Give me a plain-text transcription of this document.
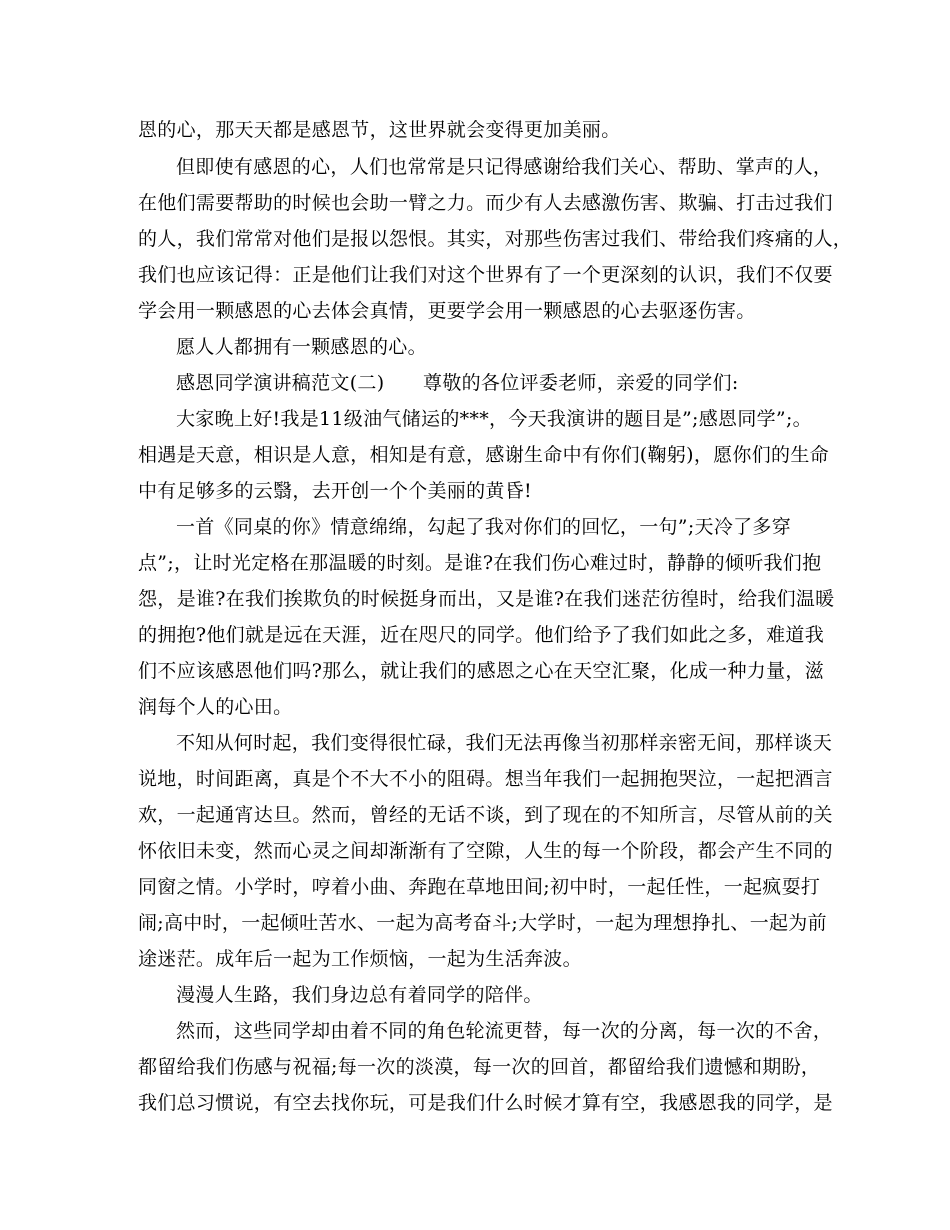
恩的心，那天天都是感恩节，这世界就会变得更加美丽。
但即使有感恩的心，人们也常常是只记得感谢给我们关心、帮助、掌声的人，
在他们需要帮助的时候也会助一臂之力。而少有人去感激伤害、欺骗、打击过我们
的人，我们常常对他们是报以怨恨。其实，对那些伤害过我们、带给我们疼痛的人，
我们也应该记得：正是他们让我们对这个世界有了一个更深刻的认识，我们不仅要
学会用一颗感恩的心去体会真情，更要学会用一颗感恩的心去驱逐伤害。
愿人人都拥有一颗感恩的心。
感恩同学演讲稿范文(二)　　尊敬的各位评委老师，亲爱的同学们:
大家晚上好!我是11级油气储运的***，今天我演讲的题目是”;感恩同学”;。
相遇是天意，相识是人意，相知是有意，感谢生命中有你们(鞠躬)，愿你们的生命
中有足够多的云翳，去开创一个个美丽的黄昏!
一首《同桌的你》情意绵绵，勾起了我对你们的回忆，一句”;天冷了多穿
点”;，让时光定格在那温暖的时刻。是谁?在我们伤心难过时，静静的倾听我们抱
怨，是谁?在我们挨欺负的时候挺身而出，又是谁?在我们迷茫彷徨时，给我们温暖
的拥抱?他们就是远在天涯，近在咫尺的同学。他们给予了我们如此之多，难道我
们不应该感恩他们吗?那么，就让我们的感恩之心在天空汇聚，化成一种力量，滋
润每个人的心田。
不知从何时起，我们变得很忙碌，我们无法再像当初那样亲密无间，那样谈天
说地，时间距离，真是个不大不小的阻碍。想当年我们一起拥抱哭泣，一起把酒言
欢，一起通宵达旦。然而，曾经的无话不谈，到了现在的不知所言，尽管从前的关
怀依旧未变，然而心灵之间却渐渐有了空隙，人生的每一个阶段，都会产生不同的
同窗之情。小学时，哼着小曲、奔跑在草地田间;初中时，一起任性，一起疯耍打
闹;高中时，一起倾吐苦水、一起为高考奋斗;大学时，一起为理想挣扎、一起为前
途迷茫。成年后一起为工作烦恼，一起为生活奔波。
漫漫人生路，我们身边总有着同学的陪伴。
然而，这些同学却由着不同的角色轮流更替，每一次的分离，每一次的不舍，
都留给我们伤感与祝福;每一次的淡漠，每一次的回首，都留给我们遗憾和期盼，
我们总习惯说，有空去找你玩，可是我们什么时候才算有空，我感恩我的同学，是
